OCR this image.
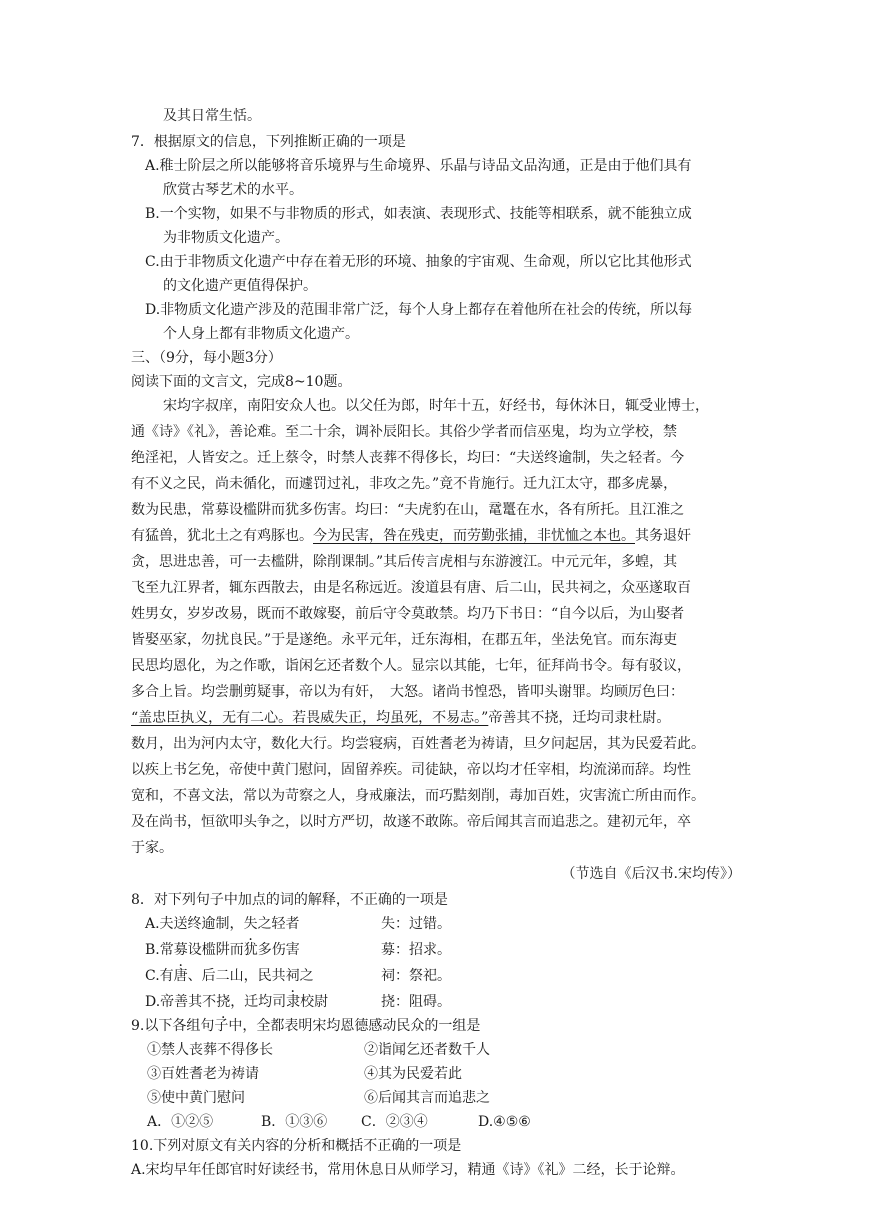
及其日常生恬。
7．根据原文的信息，下列推断正确的一项是
A.稚士阶层之所以能够将音乐境界与生命境界、乐晶与诗品文品沟通，正是由于他们具有
欣赏古琴艺术的水平。
B.一个实物，如果不与非物质的形式，如表演、表现形式、技能等相联系，就不能独立成
为非物质文化遗产。
C.由于非物质文化遗产中存在着无形的环境、抽象的宇宙观、生命观，所以它比其他形式
的文化遗产更值得保护。
D.非物质文化遗产涉及的范围非常广泛，每个人身上都存在着他所在社会的传统，所以每
个人身上都有非物质文化遗产。
三、（9分，每小题3分）
阅读下面的文言文，完成8~10题。
宋均字叔庠，南阳安众人也。以父任为郎，时年十五，好经书，每休沐日，辄受业博士，
通《诗》《礼》，善论难。至二十余，调补辰阳长。其俗少学者而信巫鬼，均为立学校，禁
绝淫祀，人皆安之。迁上蔡令，时禁人丧葬不得侈长，均曰：“夫送终逾制，失之轻者。今
有不义之民，尚未循化，而遽罚过礼，非攻之先。”竟不肯施行。迁九江太守，郡多虎暴，
数为民患，常募设槛阱而犹多伤害。均曰：“夫虎豹在山，鼋鼍在水，各有所托。且江淮之
有猛兽，犹北土之有鸡豚也。今为民害，咎在残吏，而劳勤张捕，非忧恤之本也。其务退奸
贪，思进忠善，可一去槛阱，除削课制。”其后传言虎相与东游渡江。中元元年，多蝗，其
飞至九江界者，辄东西散去，由是名称远近。浚道县有唐、后二山，民共祠之，众巫遂取百
姓男女，岁岁改易，既而不敢嫁娶，前后守令莫敢禁。均乃下书日：“自今以后，为山娶者
皆娶巫家，勿扰良民。”于是遂绝。永平元年，迁东海相，在郡五年，坐法免官。而东海吏
民思均恩化，为之作歌，诣闲乞还者数个人。显宗以其能，七年，征拜尚书令。每有驳议，
多合上旨。均尝删剪疑事，帝以为有奸，　大怒。诸尚书惶恐，皆叩头谢罪。均顾厉色曰：
“盖忠臣执义，无有二心。若畏威失正，均虽死，不易志。”帝善其不挠，迁均司隶杜尉。
数月，出为河内太守，数化大行。均尝寝病，百姓耆老为祷请，旦夕问起居，其为民爱若此。
以疾上书乞免，帝使中黄门慰问，固留养疾。司徒缺，帝以均才任宰相，均流涕而辞。均性
宽和，不喜文法，常以为苛察之人，身戒廉法，而巧黠刻削，毒加百姓，灾害流亡所由而作。
及在尚书，恒欲叩头争之，以时方严切，故遂不敢陈。帝后闻其言而追悲之。建初元年，卒
于家。
（节选自《后汉书.宋均传》）
8．对下列句子中加点的词的解释，不正确的一项是
A.夫送终逾制，失之轻者	失：过错。
B.常募设槛阱而犹多伤害	募：招求。
C.有唐、后二山，民共祠之	祠：祭祀。
D.帝善其不挠，迁均司隶校尉	挠：阻碍。
9.以下各组句子中，全都表明宋均恩德感动民众的一组是
①禁人丧葬不得侈长	②诣闻乞还者数千人
③百姓耆老为祷请	④其为民爱若此
⑤使中黄门慰问	⑥后闻其言而追悲之
A．①②⑤	B．①③⑥ C．②③④	D.④⑤⑥
10.下列对原文有关内容的分析和概括不正确的一项是
A.宋均早年任郎官时好读经书，常用休息日从师学习，精通《诗》《礼》二经，长于论辩。
